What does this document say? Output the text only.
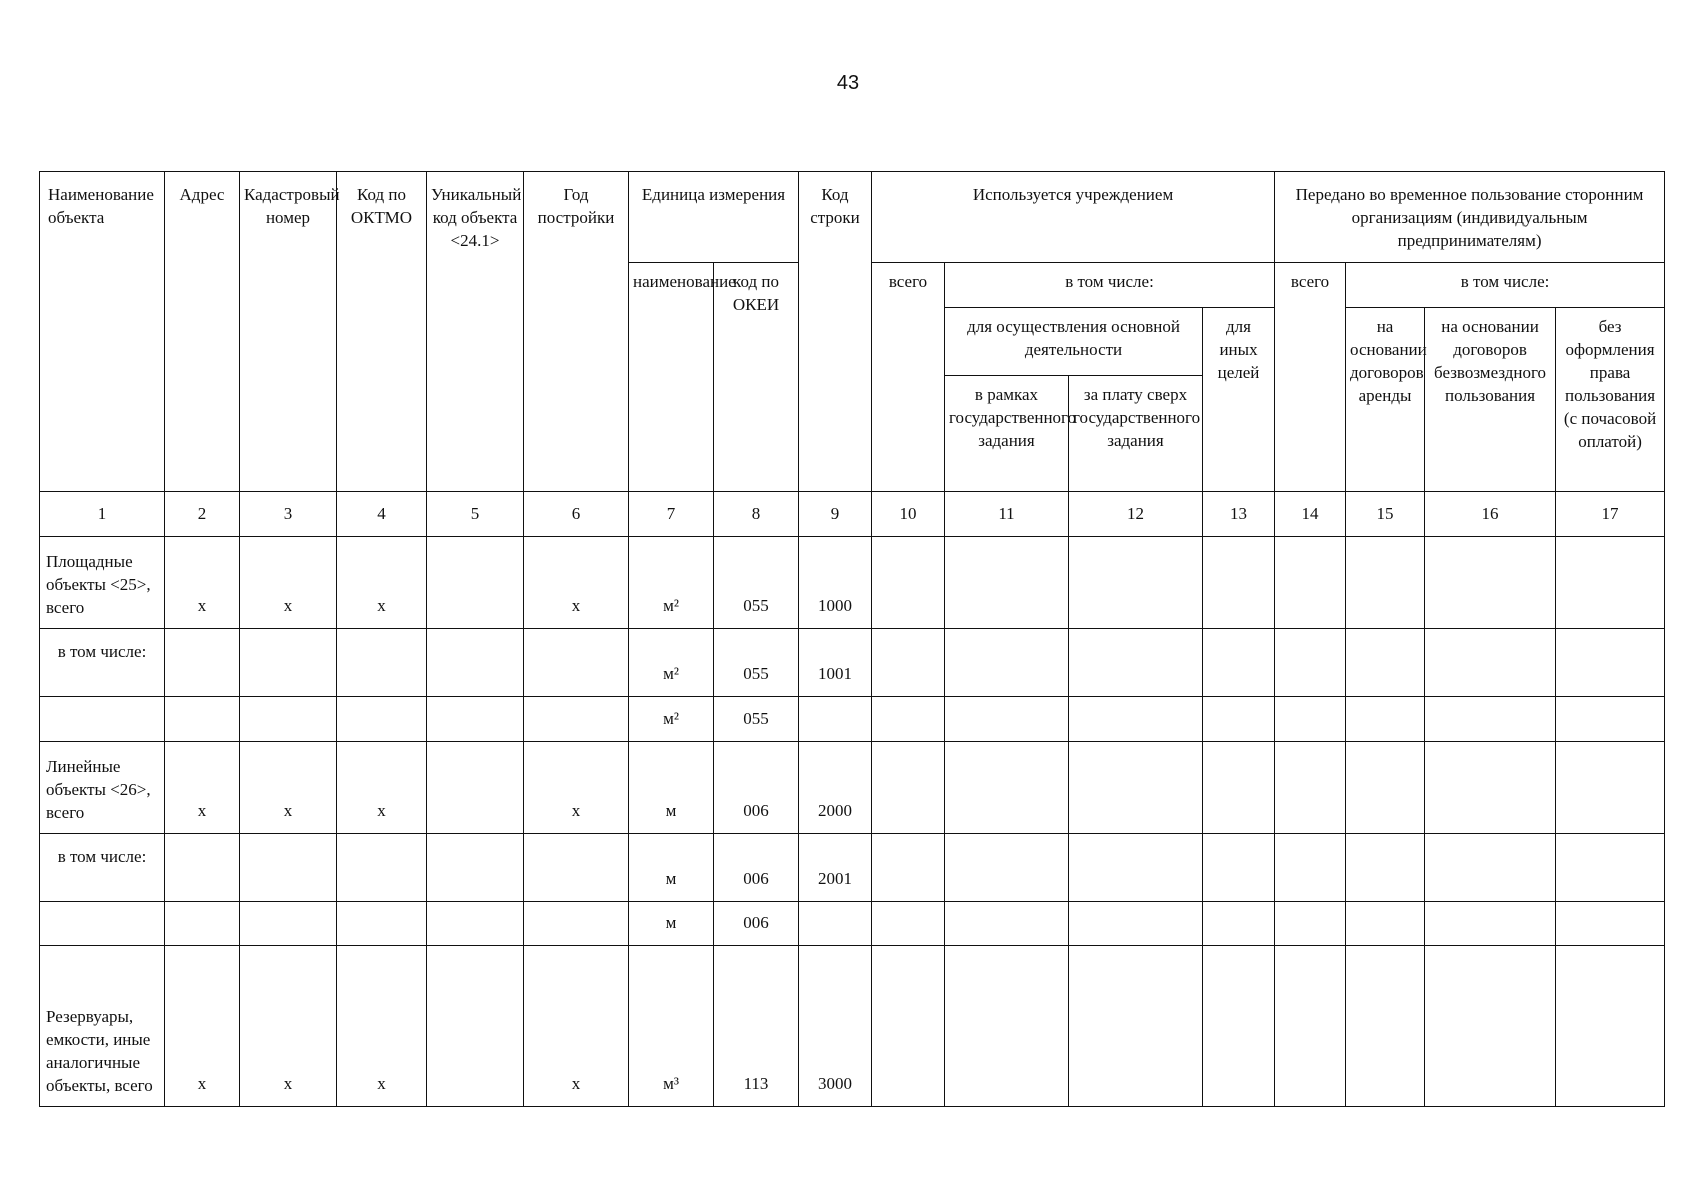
43
Наименование объекта	Адрес	Кадастровый номер	Код по ОКТМО	Уникальный код объекта <24.1>	Год постройки	Единица измерения		Код строки	Используется учреждением				Передано во временное пользование сторонним организациям (индивидуальным предпринимателям)			
						наименование	код по ОКЕИ		всего	в том числе:			всего	в том числе:		
										для осуществления основной деятельности		для иных целей		на основании договоров аренды	на основании договоров безвозмездного пользования	без оформления права пользования (с почасовой оплатой)
										в рамках государственного задания	за плату сверх государственного задания					
1	2	3	4	5	6	7	8	9	10	11	12	13	14	15	16	17
Площадные объекты <25>, всего	х	х	х		х	м²	055	1000								
в том числе:						м²	055	1001								
						м²	055									
Линейные объекты <26>, всего	х	х	х		х	м	006	2000								
в том числе:						м	006	2001								
						м	006									
Резервуары, емкости, иные аналогичные объекты, всего	х	х	х		х	м³	113	3000								
